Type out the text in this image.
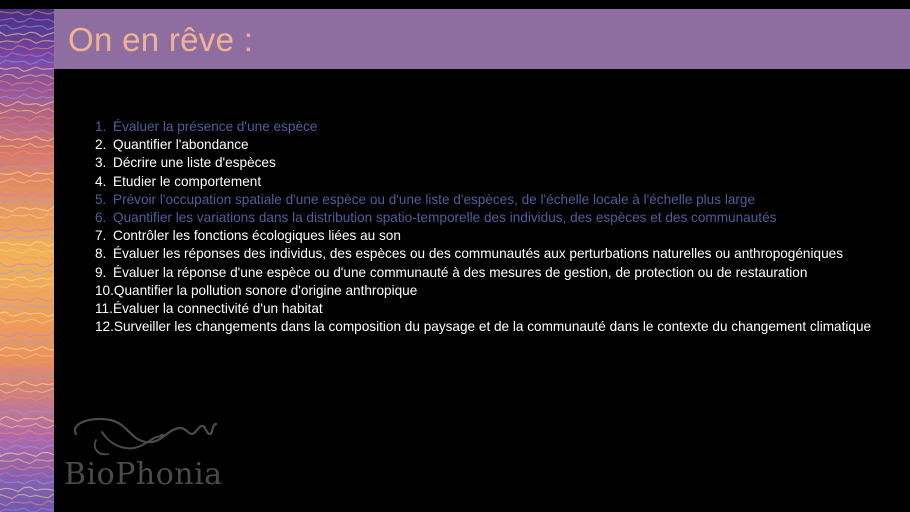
On en rêve :
1. Évaluer la présence d'une espèce
2. Quantifier l'abondance
3. Décrire une liste d'espèces
4. Etudier le comportement
5. Prévoir l'occupation spatiale d'une espèce ou d'une liste d'espèces, de l'échelle locale à l'échelle plus large
6. Quantifier les variations dans la distribution spatio-temporelle des individus, des espèces et des communautés
7. Contrôler les fonctions écologiques liées au son
8. Évaluer les réponses des individus, des espèces ou des communautés aux perturbations naturelles ou anthropogéniques
9. Évaluer la réponse d'une espèce ou d'une communauté à des mesures de gestion, de protection ou de restauration
10. Quantifier la pollution sonore d'origine anthropique
11. Évaluer la connectivité d'un habitat
12. Surveiller les changements dans la composition du paysage et de la communauté dans le contexte du changement climatique
BioPhonia
